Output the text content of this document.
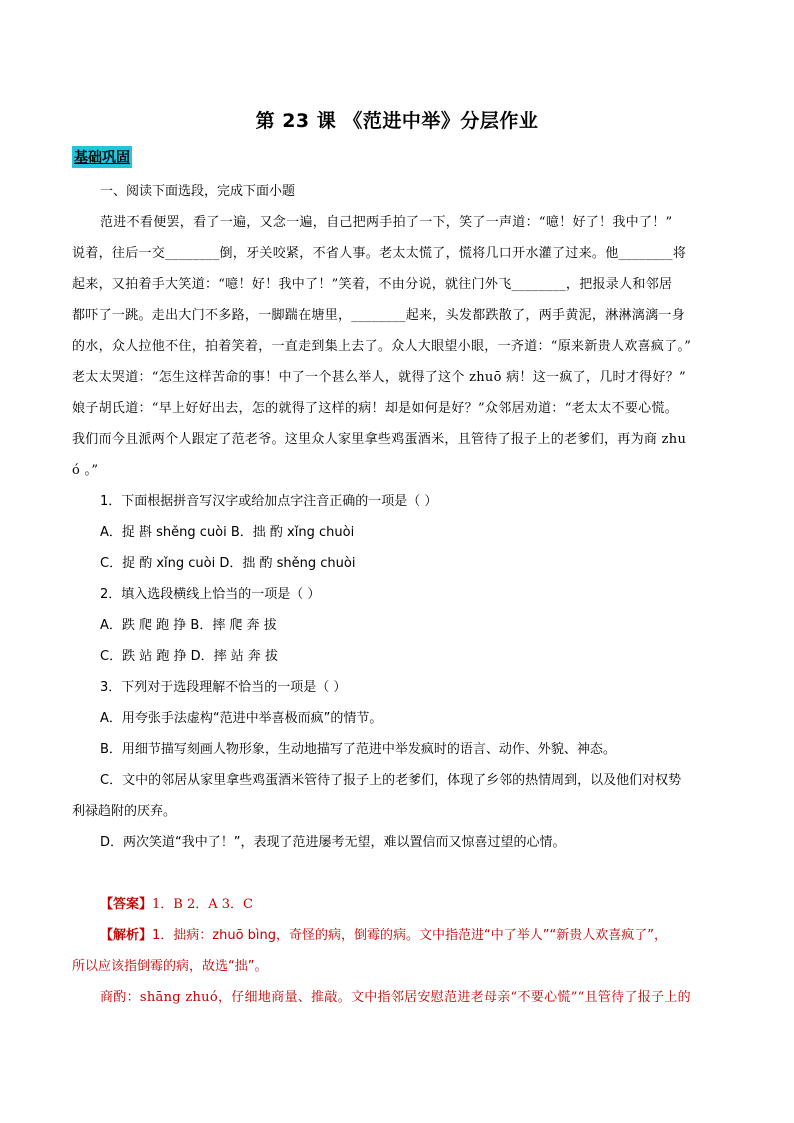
第 23 课 《范进中举》分层作业
基础巩固
一、阅读下面选段，完成下面小题
范进不看便罢，看了一遍，又念一遍，自己把两手拍了一下，笑了一声道：“噫！好了！我中了！”
说着，往后一交________倒，牙关咬紧，不省人事。老太太慌了，慌将几口开水灌了过来。他________将
起来，又拍着手大笑道：“噫！好！我中了！”笑着，不由分说，就往门外飞________，把报录人和邻居
都吓了一跳。走出大门不多路，一脚踹在塘里，________起来，头发都跌散了，两手黄泥，淋淋漓漓一身
的水，众人拉他不住，拍着笑着，一直走到集上去了。众人大眼望小眼，一齐道：“原来新贵人欢喜疯了。”
老太太哭道：“怎生这样苦命的事！中了一个甚么举人，就得了这个 zhuō 病！这一疯了，几时才得好？”
娘子胡氏道：“早上好好出去，怎的就得了这样的病！却是如何是好？”众邻居劝道：“老太太不要心慌。
我们而今且派两个人跟定了范老爷。这里众人家里拿些鸡蛋酒米，且管待了报子上的老爹们，再为商 zhu
ó 。”
1．下面根据拼音写汉字或给加点字注音正确的一项是（ ）
A．捉 斟 shěng cuòi B．拙 酌 xǐng chuòi
C．捉 酌 xǐng cuòi D．拙 酌 shěng chuòi
2．填入选段横线上恰当的一项是（ ）
A．跌 爬 跑 挣 B．摔 爬 奔 拔
C．跌 站 跑 挣 D．摔 站 奔 拔
3．下列对于选段理解不恰当的一项是（ ）
A．用夸张手法虚构“范进中举喜极而疯”的情节。
B．用细节描写刻画人物形象，生动地描写了范进中举发疯时的语言、动作、外貌、神态。
C．文中的邻居从家里拿些鸡蛋酒米管待了报子上的老爹们，体现了乡邻的热情周到，以及他们对权势
利禄趋附的厌弃。
D．两次笑道“我中了！”，表现了范进屡考无望，难以置信而又惊喜过望的心情。
【答案】1．B 2．A 3．C
【解析】1．拙病：zhuō bìng，奇怪的病，倒霉的病。文中指范进“中了举人”“新贵人欢喜疯了”，
所以应该指倒霉的病，故选“拙”。
商酌：shāng zhuó，仔细地商量、推敲。文中指邻居安慰范进老母亲“不要心慌”“且管待了报子上的
